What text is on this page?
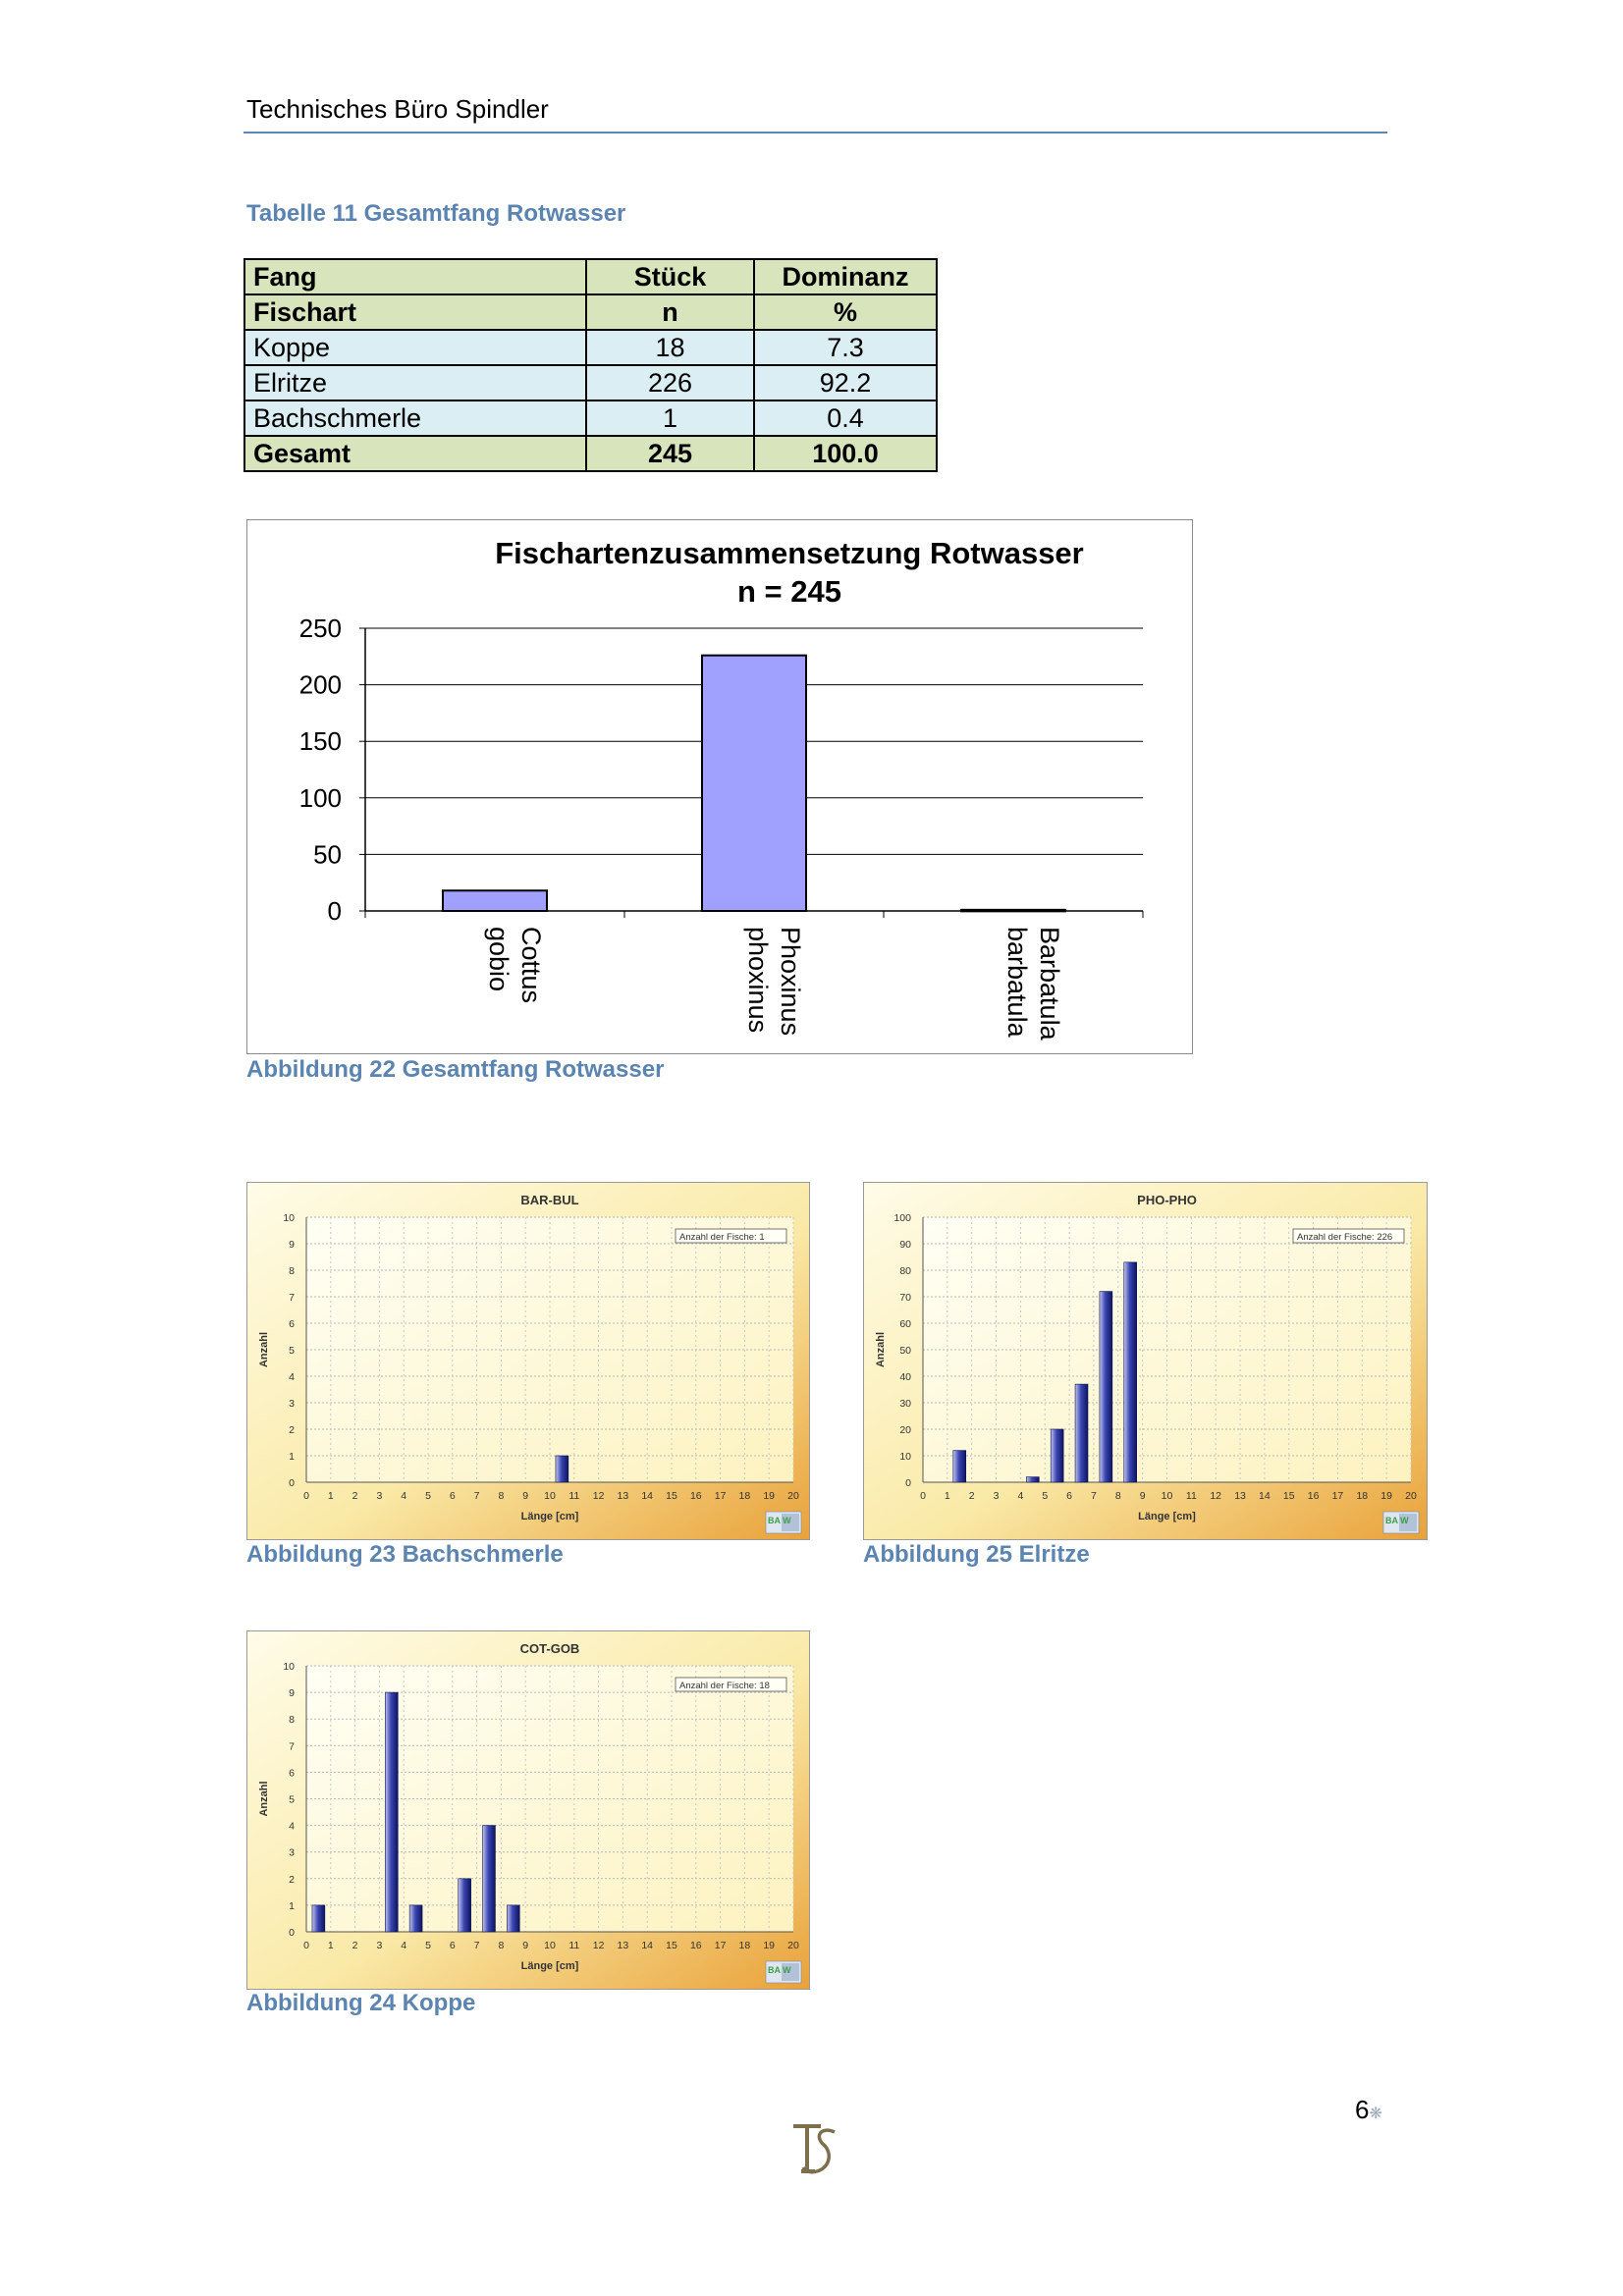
Technisches Büro Spindler
Tabelle 11 Gesamtfang Rotwasser
Fang	Stück	Dominanz
Fischart	n	%
Koppe	18	7.3
Elritze	226	92.2
Bachschmerle	1	0.4
Gesamt	245	100.0
Fischartenzusammensetzung Rotwasser
n = 245
0
50
100
150
200
250
Cottus
gobio	Phoxinus
phoxinus	Barbatula
barbatula
Abbildung 22 Gesamtfang Rotwasser
BAR-BUL
0
1
2
3
4
5
6
7
8
9
10
0 1 2 3 4 5 6 7 8 9 10 11 12 13 14 15 16 17 18 19 20
Anzahl der Fische: 1
Anzahl
Länge [cm]	BA W
Abbildung 23 Bachschmerle
PHO-PHO
0
10
20
30
40
50
60
70
80
90
100
0 1 2 3 4 5 6 7 8 9 10 11 12 13 14 15 16 17 18 19 20
Anzahl der Fische: 226
Anzahl
Länge [cm]	BA W
Abbildung 25 Elritze
COT-GOB
0
1
2
3
4
5
6
7
8
9
10
0 1 2 3 4 5 6 7 8 9 10 11 12 13 14 15 16 17 18 19 20
Anzahl der Fische: 18
Anzahl
Länge [cm]	BA W
Abbildung 24 Koppe
6❋
